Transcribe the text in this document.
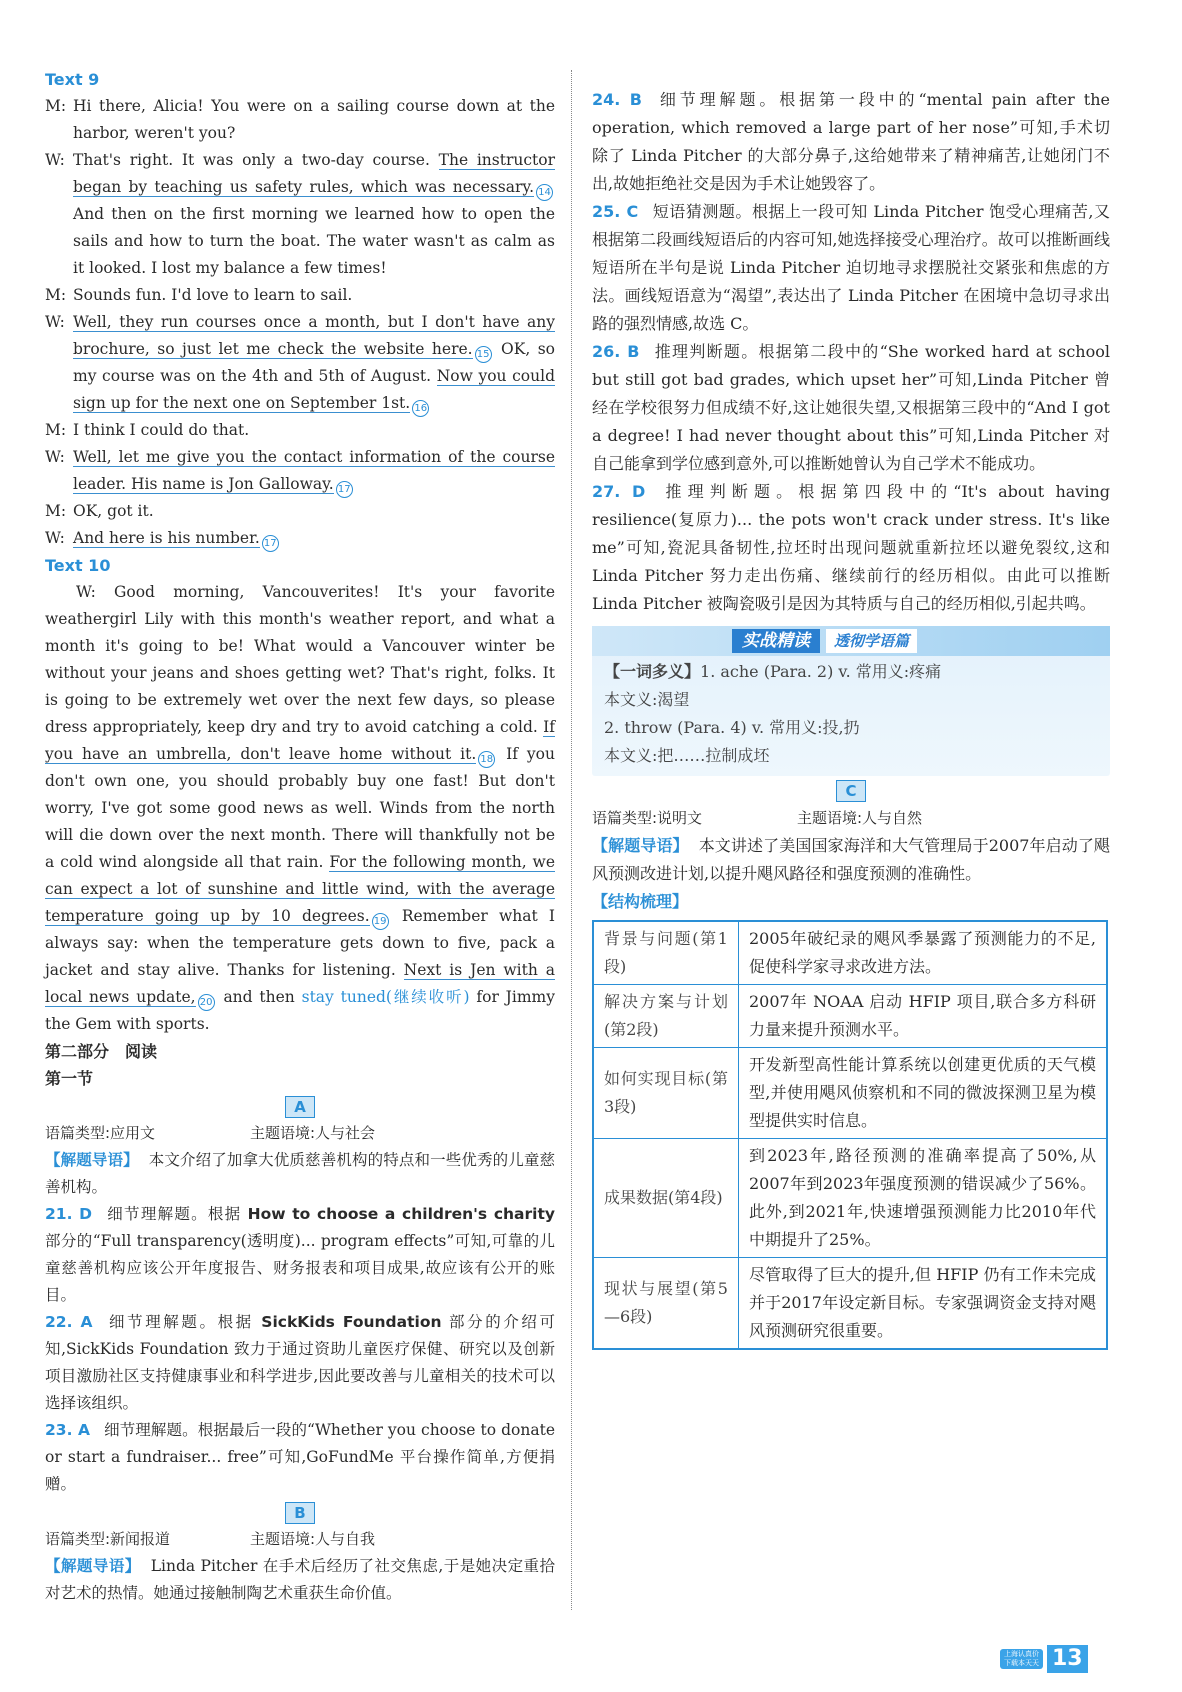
Text 9
M: Hi there, Alicia! You were on a sailing course down at the harbor, weren't you?
W: That's right. It was only a two-day course. The instructor began by teaching us safety rules, which was necessary. 14 And then on the first morning we learned how to open the sails and how to turn the boat. The water wasn't as calm as it looked. I lost my balance a few times!
M: Sounds fun. I'd love to learn to sail.
W: Well, they run courses once a month, but I don't have any brochure, so just let me check the website here. 15 OK, so my course was on the 4th and 5th of August. Now you could sign up for the next one on September 1st. 16
M: I think I could do that.
W: Well, let me give you the contact information of the course leader. His name is Jon Galloway. 17
M: OK, got it.
W: And here is his number. 17
Text 10
W: Good morning, Vancouverites! It's your favorite weathergirl Lily with this month's weather report, and what a month it's going to be! What would a Vancouver winter be without your jeans and shoes getting wet? That's right, folks. It is going to be extremely wet over the next few days, so please dress appropriately, keep dry and try to avoid catching a cold. If you have an umbrella, don't leave home without it. 18 If you don't own one, you should probably buy one fast! But don't worry, I've got some good news as well. Winds from the north will die down over the next month. There will thankfully not be a cold wind alongside all that rain. For the following month, we can expect a lot of sunshine and little wind, with the average temperature going up by 10 degrees. 19 Remember what I always say: when the temperature gets down to five, pack a jacket and stay alive. Thanks for listening. Next is Jen with a local news update, 20 and then stay tuned(继续收听) for Jimmy the Gem with sports.
第二部分　阅读
第一节
A
语篇类型:应用文	主题语境:人与社会
【解题导语】 本文介绍了加拿大优质慈善机构的特点和一些优秀的儿童慈善机构。
21. D 细节理解题。根据 How to choose a children's charity 部分的“Full transparency(透明度)... program effects”可知,可靠的儿童慈善机构应该公开年度报告、财务报表和项目成果,故应该有公开的账目。
22. A 细节理解题。根据 SickKids Foundation 部分的介绍可知,SickKids Foundation 致力于通过资助儿童医疗保健、研究以及创新项目激励社区支持健康事业和科学进步,因此要改善与儿童相关的技术可以选择该组织。
23. A 细节理解题。根据最后一段的“Whether you choose to donate or start a fundraiser... free”可知,GoFundMe 平台操作简单,方便捐赠。
B
语篇类型:新闻报道	主题语境:人与自我
【解题导语】 Linda Pitcher 在手术后经历了社交焦虑,于是她决定重拾对艺术的热情。她通过接触制陶艺术重获生命价值。
24. B 细节理解题。根据第一段中的“mental pain after the operation, which removed a large part of her nose”可知,手术切除了 Linda Pitcher 的大部分鼻子,这给她带来了精神痛苦,让她闭门不出,故她拒绝社交是因为手术让她毁容了。
25. C 短语猜测题。根据上一段可知 Linda Pitcher 饱受心理痛苦,又根据第二段画线短语后的内容可知,她选择接受心理治疗。故可以推断画线短语所在半句是说 Linda Pitcher 迫切地寻求摆脱社交紧张和焦虑的方法。画线短语意为“渴望”,表达出了 Linda Pitcher 在困境中急切寻求出路的强烈情感,故选 C。
26. B 推理判断题。根据第二段中的“She worked hard at school but still got bad grades, which upset her”可知,Linda Pitcher 曾经在学校很努力但成绩不好,这让她很失望,又根据第三段中的“And I got a degree! I had never thought about this”可知,Linda Pitcher 对自己能拿到学位感到意外,可以推断她曾认为自己学术不能成功。
27. D 推理判断题。根据第四段中的“It's about having resilience(复原力)... the pots won't crack under stress. It's like me”可知,瓷泥具备韧性,拉坯时出现问题就重新拉坯以避免裂纹,这和 Linda Pitcher 努力走出伤痛、继续前行的经历相似。由此可以推断 Linda Pitcher 被陶瓷吸引是因为其特质与自己的经历相似,引起共鸣。
实战精读	透彻学语篇
【一词多义】1. ache (Para. 2) v. 常用义:疼痛
本文义:渴望
2. throw (Para. 4) v. 常用义:投,扔
本文义:把……拉制成坯
C
语篇类型:说明文	主题语境:人与自然
【解题导语】 本文讲述了美国国家海洋和大气管理局于2007年启动了飓风预测改进计划,以提升飓风路径和强度预测的准确性。
【结构梳理】
背景与问题(第1段)	2005年破纪录的飓风季暴露了预测能力的不足,促使科学家寻求改进方法。
解决方案与计划(第2段)	2007年 NOAA 启动 HFIP 项目,联合多方科研力量来提升预测水平。
如何实现目标(第3段)	开发新型高性能计算系统以创建更优质的天气模型,并使用飓风侦察机和不同的微波探测卫星为模型提供实时信息。
成果数据(第4段)	到2023年,路径预测的准确率提高了50%,从2007年到2023年强度预测的错误减少了56%。此外,到2021年,快速增强预测能力比2010年代中期提升了25%。
现状与展望(第5—6段)	尽管取得了巨大的提升,但 HFIP 仍有工作未完成并于2017年设定新目标。专家强调资金支持对飓风预测研究很重要。
上海认真价
下载本天天 13
